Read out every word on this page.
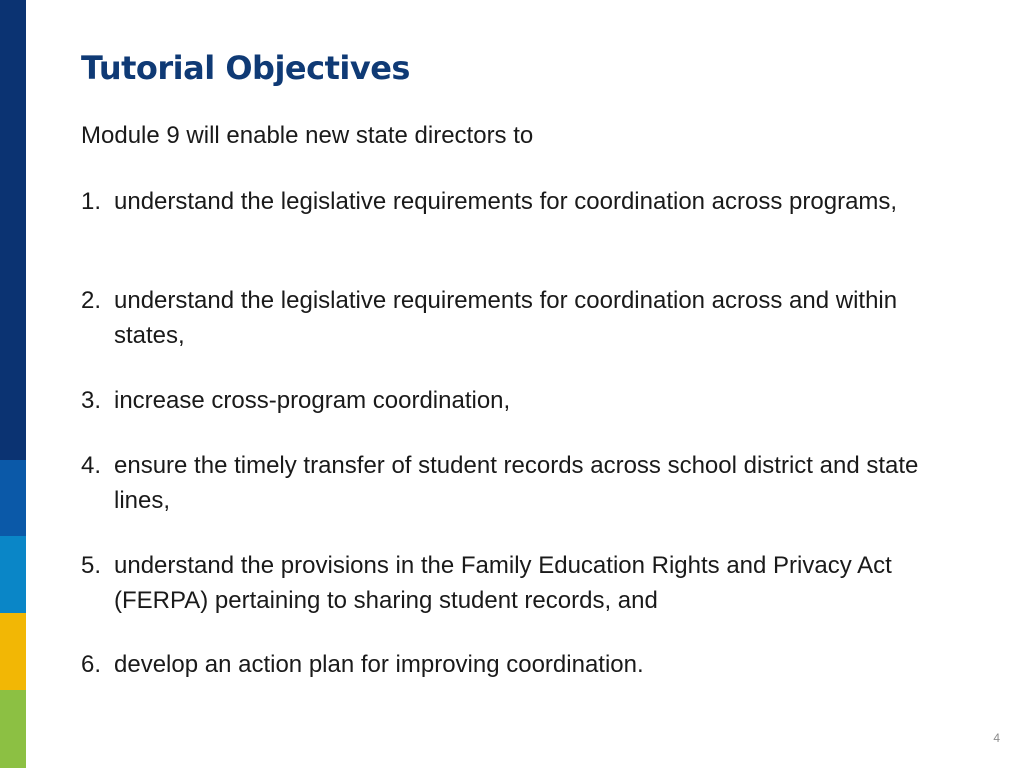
Tutorial Objectives

Module 9 will enable new state directors to

1. understand the legislative requirements for coordination across programs,
2. understand the legislative requirements for coordination across and within states,
3. increase cross-program coordination,
4. ensure the timely transfer of student records across school district and state lines,
5. understand the provisions in the Family Education Rights and Privacy Act (FERPA) pertaining to sharing student records, and
6. develop an action plan for improving coordination.
4
